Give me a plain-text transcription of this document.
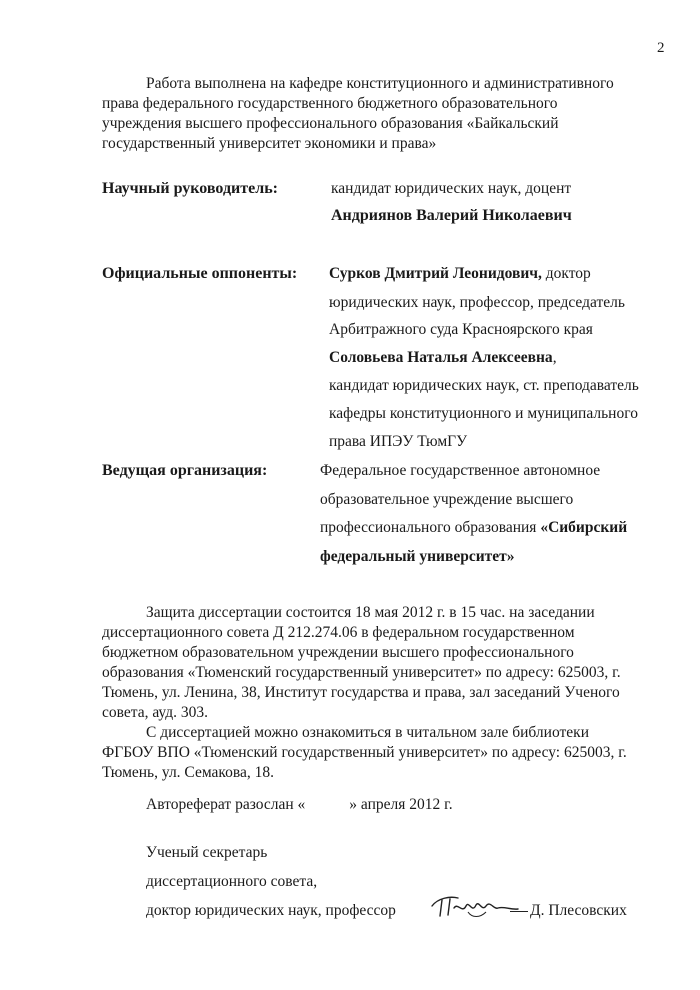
2
Работа выполнена на кафедре конституционного и административного
права федерального государственного бюджетного образовательного
учреждения высшего профессионального образования «Байкальский
государственный университет экономики и права»
Научный руководитель:	кандидат юридических наук, доцент
Андриянов Валерий Николаевич
Официальные оппоненты: Сурков Дмитрий Леонидович, доктор
юридических наук, профессор, председатель
Арбитражного суда Красноярского края
Соловьева Наталья Алексеевна,
кандидат юридических наук, ст. преподаватель
кафедры конституционного и муниципального
права ИПЭУ ТюмГУ
Ведущая организация:	Федеральное государственное автономное
образовательное учреждение высшего
профессионального образования «Сибирский
федеральный университет»
Защита диссертации состоится 18 мая 2012 г. в 15 час. на заседании
диссертационного совета Д 212.274.06 в федеральном государственном
бюджетном образовательном учреждении высшего профессионального
образования «Тюменский государственный университет» по адресу: 625003, г.
Тюмень, ул. Ленина, 38, Институт государства и права, зал заседаний Ученого
совета, ауд. 303.
С диссертацией можно ознакомиться в читальном зале библиотеки
ФГБОУ ВПО «Тюменский государственный университет» по адресу: 625003, г.
Тюмень, ул. Семакова, 18.
Автореферат разослан «	» апреля 2012 г.
Ученый секретарь
диссертационного совета,
доктор юридических наук, профессор	Д. Плесовских
